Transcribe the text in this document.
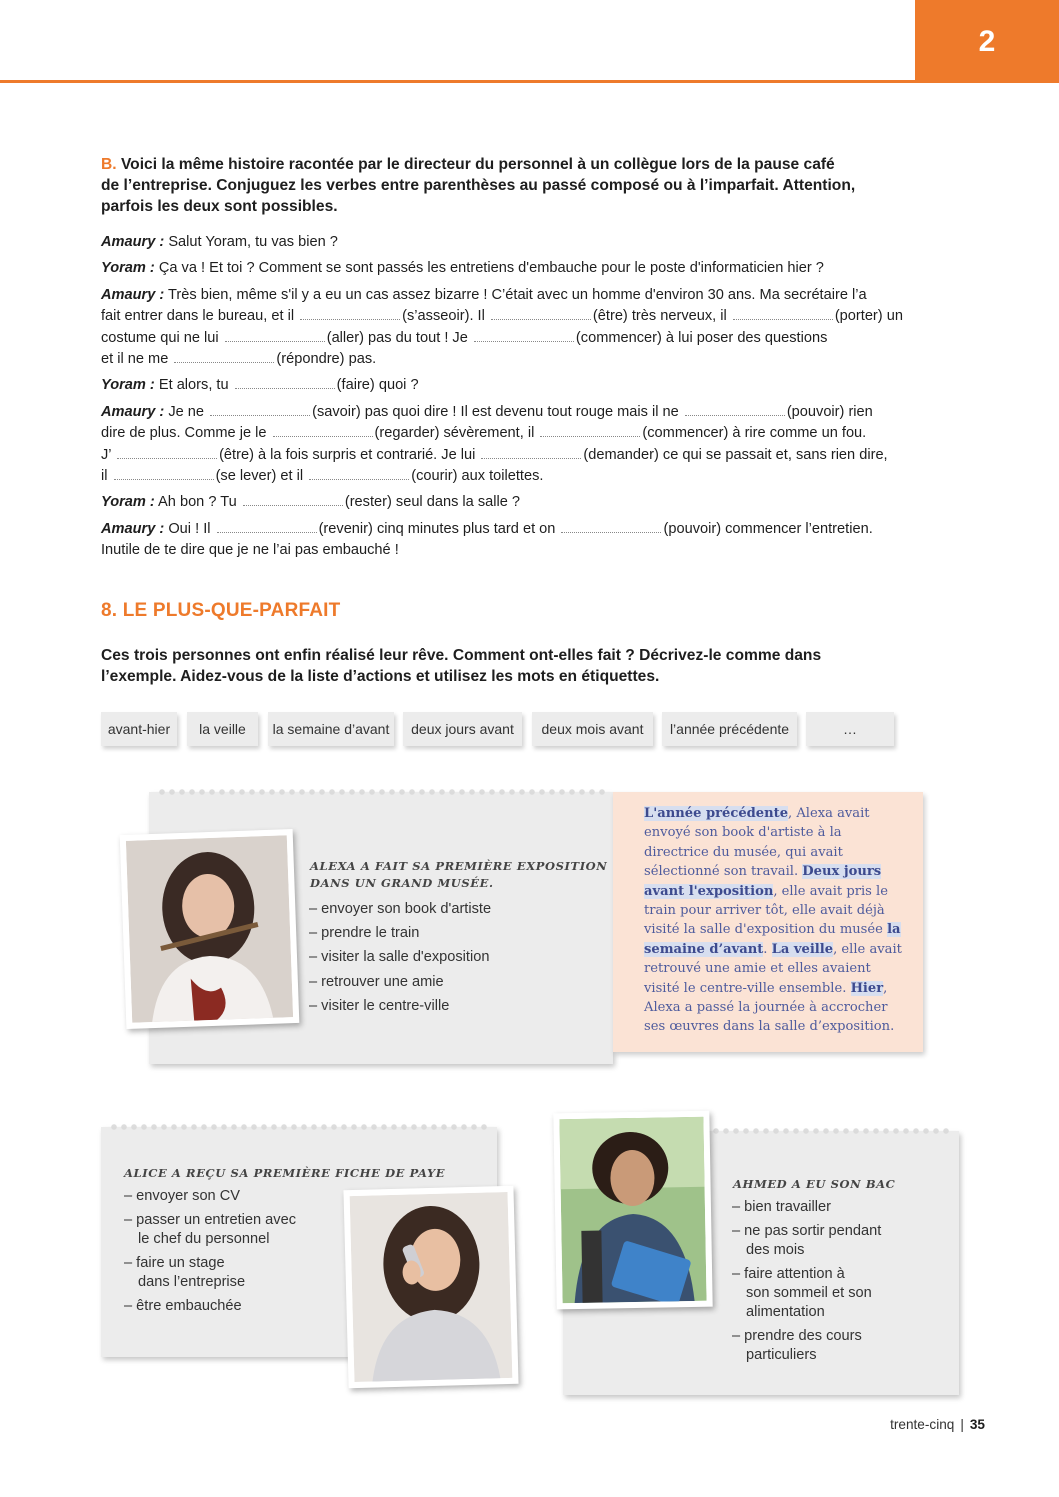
2
B. Voici la même histoire racontée par le directeur du personnel à un collègue lors de la pause café
de l’entreprise. Conjuguez les verbes entre parenthèses au passé composé ou à l’imparfait. Attention,
parfois les deux sont possibles.

Amaury : Salut Yoram, tu vas bien ?

Yoram : Ça va ! Et toi ? Comment se sont passés les entretiens d'embauche pour le poste d'informaticien hier ?

Amaury : Très bien, même s'il y a eu un cas assez bizarre ! C’était avec un homme d'environ 30 ans. Ma secrétaire l’a
fait entrer dans le bureau, et il	(s’asseoir). Il	(être) très nerveux, il	(porter) un
costume qui ne lui	(aller) pas du tout ! Je	(commencer) à lui poser des questions
et il ne me	(répondre) pas.

Yoram : Et alors, tu	(faire) quoi ?

Amaury : Je ne	(savoir) pas quoi dire ! Il est devenu tout rouge mais il ne	(pouvoir) rien
dire de plus. Comme je le	(regarder) sévèrement, il	(commencer) à rire comme un fou.
J’	(être) à la fois surpris et contrarié. Je lui	(demander) ce qui se passait et, sans rien dire,
il	(se lever) et il	(courir) aux toilettes.

Yoram : Ah bon ? Tu	(rester) seul dans la salle ?

Amaury : Oui ! Il	(revenir) cinq minutes plus tard et on	(pouvoir) commencer l’entretien.
Inutile de te dire que je ne l’ai pas embauché !

8. LE PLUS-QUE-PARFAIT
Ces trois personnes ont enfin réalisé leur rêve. Comment ont-elles fait ? Décrivez-le comme dans
l’exemple. Aidez-vous de la liste d’actions et utilisez les mots en étiquettes.
avant-hier	la veille	la semaine d’avant	deux jours avant	deux mois avant	l’année précédente	…
ALEXA A FAIT SA PREMIÈRE EXPOSITION
DANS UN GRAND MUSÉE.
– envoyer son book d'artiste
– prendre le train
– visiter la salle d'exposition
– retrouver une amie
– visiter le centre-ville

L'année précédente, Alexa avait envoyé son book d'artiste à la directrice du musée, qui avait sélectionné son travail. Deux jours avant l'exposition, elle avait pris le train pour arriver tôt, elle avait déjà visité la salle d'exposition du musée la semaine d’avant. La veille, elle avait retrouvé une amie et elles avaient visité le centre-ville ensemble. Hier, Alexa a passé la journée à accrocher ses œuvres dans la salle d’exposition.

ALICE A REÇU SA PREMIÈRE FICHE DE PAYE
– envoyer son CV
– passer un entretien avec
le chef du personnel
– faire un stage
dans l’entreprise
– être embauchée
AHMED A EU SON BAC
– bien travailler
– ne pas sortir pendant
des mois
– faire attention à
son sommeil et son
alimentation
– prendre des cours
particuliers
trente-cinq | 35
